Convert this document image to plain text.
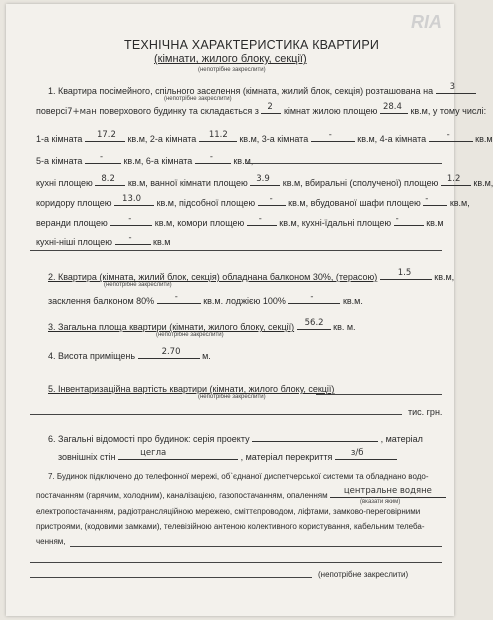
RIA
ТЕХНІЧНА ХАРАКТЕРИСТИКА КВАРТИРИ
(кімнати, жилого блоку, секції)
(непотрібне закреслити)
1. Квартира посімейного, спільного заселення (кімната, жилий блок, секція) розташована на 3
(непотрібне закреслити)
поверсі7+ман поверхового будинку та складається з 2 кімнат жилою площею 28.4 кв.м, у тому числі:
1-а кімната 17.2 кв.м, 2-а кімната 11.2 кв.м, 3-а кімната -	кв.м, 4-а кімната -	кв.м
5-а кімната - кв.м, 6-а кімната - кв.м,
кухні площею 8.2 кв.м, ванної кімнати площею 3.9 кв.м, вбиральні (сполученої) площею 1.2 кв.м,
коридору площею 13.0 кв.м, підсобної площею - кв.м, вбудованої шафи площею - кв.м,
веранди площею -	кв.м, комори площею - кв.м, кухні-їдальні площею -	кв.м
кухні-ніші площею - кв.м
2. Квартира (кімната, жилий блок, секція) обладнана балконом 30%, (терасою) 1.5	кв.м,
(непотрібне закреслити)
засклення балконом 80% -	кв.м. лоджією 100%	-	кв.м.
3. Загальна площа квартири (кімнати, жилого блоку, секції) 56.2 кв. м.
(непотрібне закреслити)
4. Висота приміщень	2.70 м.
5. Інвентаризаційна вартість квартири (кімнати, жилого блоку, секції)
(непотрібне закреслити)
тис. грн.
6. Загальні відомості про будинок: серія проекту	, матеріал
зовнішніх стін	цегла	, матеріал перекриття з/б
7. Будинок підключено до телефонної мережі, об`єднаної диспетчерської системи та обладнано водо-
постачанням (гарячим, холодним), каналізацією, газопостачанням, опаленням центральне водяне
(вказати яким)
електропостачанням, радіотрансляційною мережею, сміттєпроводом, ліфтами, замково-переговірними
пристроями, (кодовими замками), телевізійною антеною колективного користування, кабельним телеба-
ченням,
(непотрібне закреслити)
